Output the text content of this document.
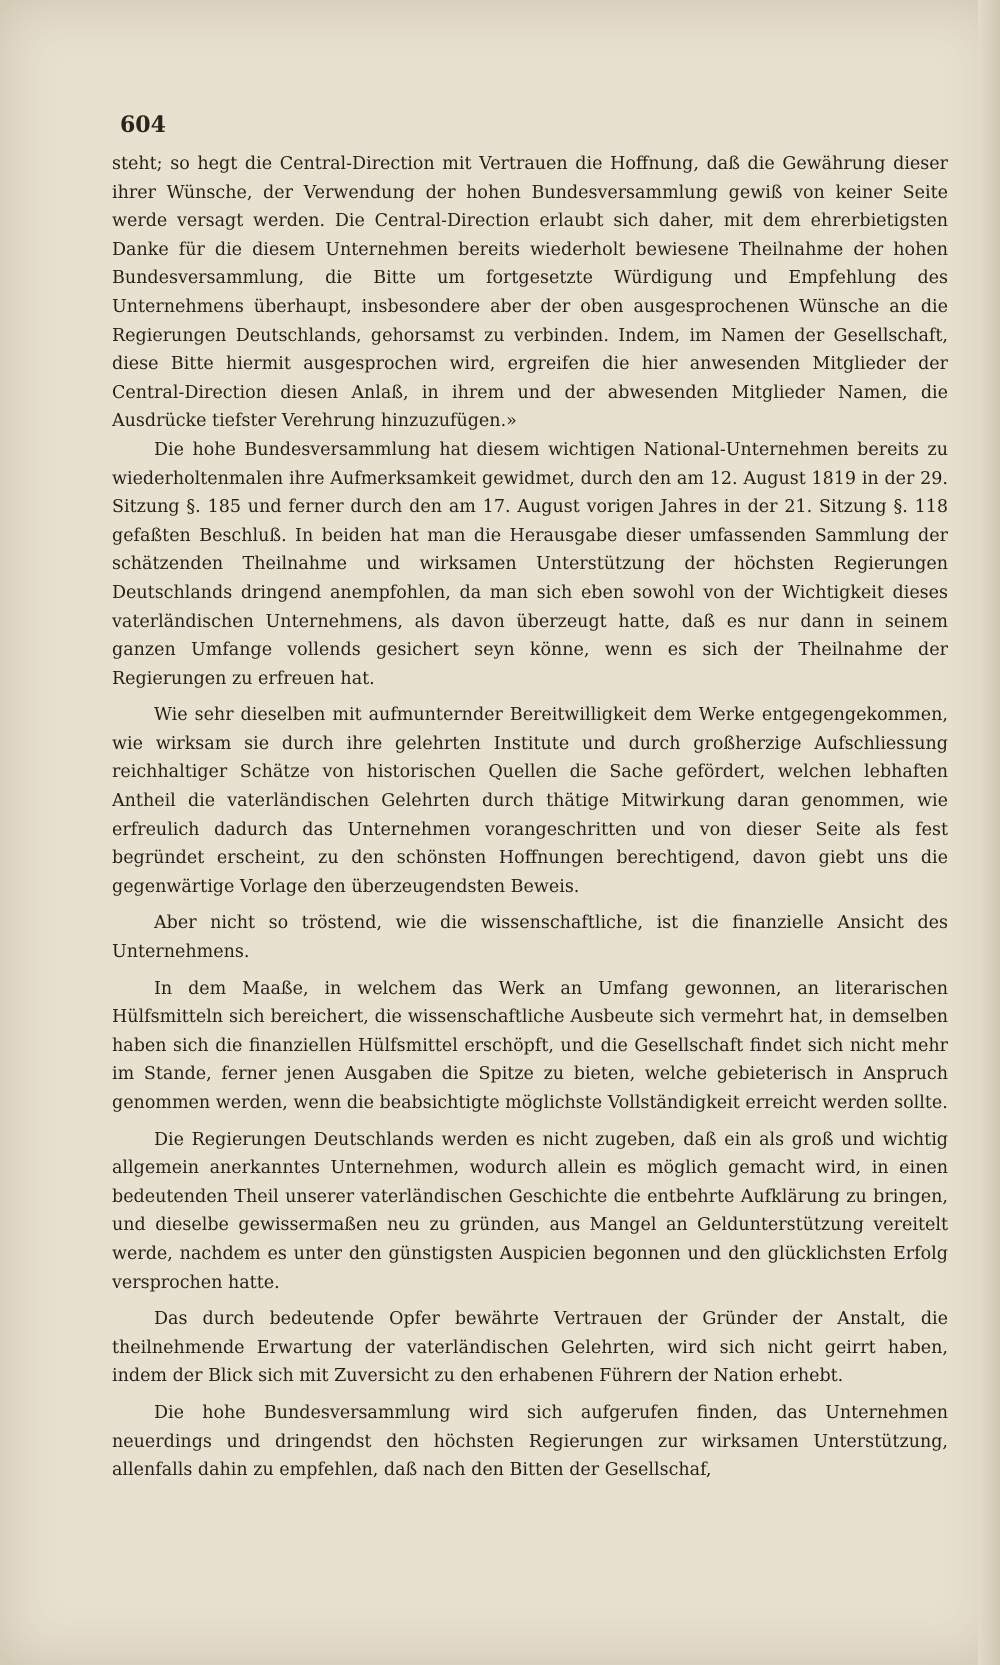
604

steht; so hegt die Central-Direction mit Vertrauen die Hoffnung, daß die Gewährung dieser ihrer Wünsche, der Verwendung der hohen Bundesversammlung gewiß von keiner Seite werde versagt werden. Die Central-Direction erlaubt sich daher, mit dem ehrerbietigsten Danke für die diesem Unternehmen bereits wiederholt bewiesene Theilnahme der hohen Bundesversammlung, die Bitte um fortgesetzte Würdigung und Empfehlung des Unternehmens überhaupt, insbesondere aber der oben ausgesprochenen Wünsche an die Regierungen Deutschlands, gehorsamst zu verbinden. Indem, im Namen der Gesellschaft, diese Bitte hiermit ausgesprochen wird, ergreifen die hier anwesenden Mitglieder der Central-Direction diesen Anlaß, in ihrem und der abwesenden Mitglieder Namen, die Ausdrücke tiefster Verehrung hinzuzufügen.»

Die hohe Bundesversammlung hat diesem wichtigen National-Unternehmen bereits zu wiederholtenmalen ihre Aufmerksamkeit gewidmet, durch den am 12. August 1819 in der 29. Sitzung §. 185 und ferner durch den am 17. August vorigen Jahres in der 21. Sitzung §. 118 gefaßten Beschluß. In beiden hat man die Herausgabe dieser umfassenden Sammlung der schätzenden Theilnahme und wirksamen Unterstützung der höchsten Regierungen Deutschlands dringend anempfohlen, da man sich eben sowohl von der Wichtigkeit dieses vaterländischen Unternehmens, als davon überzeugt hatte, daß es nur dann in seinem ganzen Umfange vollends gesichert seyn könne, wenn es sich der Theilnahme der Regierungen zu erfreuen hat.

Wie sehr dieselben mit aufmunternder Bereitwilligkeit dem Werke entgegengekommen, wie wirksam sie durch ihre gelehrten Institute und durch großherzige Aufschliessung reichhaltiger Schätze von historischen Quellen die Sache gefördert, welchen lebhaften Antheil die vaterländischen Gelehrten durch thätige Mitwirkung daran genommen, wie erfreulich dadurch das Unternehmen vorangeschritten und von dieser Seite als fest begründet erscheint, zu den schönsten Hoffnungen berechtigend, davon giebt uns die gegenwärtige Vorlage den überzeugendsten Beweis.

Aber nicht so tröstend, wie die wissenschaftliche, ist die finanzielle Ansicht des Unternehmens.

In dem Maaße, in welchem das Werk an Umfang gewonnen, an literarischen Hülfsmitteln sich bereichert, die wissenschaftliche Ausbeute sich vermehrt hat, in demselben haben sich die finanziellen Hülfsmittel erschöpft, und die Gesellschaft findet sich nicht mehr im Stande, ferner jenen Ausgaben die Spitze zu bieten, welche gebieterisch in Anspruch genommen werden, wenn die beabsichtigte möglichste Vollständigkeit erreicht werden sollte.

Die Regierungen Deutschlands werden es nicht zugeben, daß ein als groß und wichtig allgemein anerkanntes Unternehmen, wodurch allein es möglich gemacht wird, in einen bedeutenden Theil unserer vaterländischen Geschichte die entbehrte Aufklärung zu bringen, und dieselbe gewissermaßen neu zu gründen, aus Mangel an Geldunterstützung vereitelt werde, nachdem es unter den günstigsten Auspicien begonnen und den glücklichsten Erfolg versprochen hatte.

Das durch bedeutende Opfer bewährte Vertrauen der Gründer der Anstalt, die theilnehmende Erwartung der vaterländischen Gelehrten, wird sich nicht geirrt haben, indem der Blick sich mit Zuversicht zu den erhabenen Führern der Nation erhebt.

Die hohe Bundesversammlung wird sich aufgerufen finden, das Unternehmen neuerdings und dringendst den höchsten Regierungen zur wirksamen Unterstützung, allenfalls dahin zu empfehlen, daß nach den Bitten der Gesellschaf,
